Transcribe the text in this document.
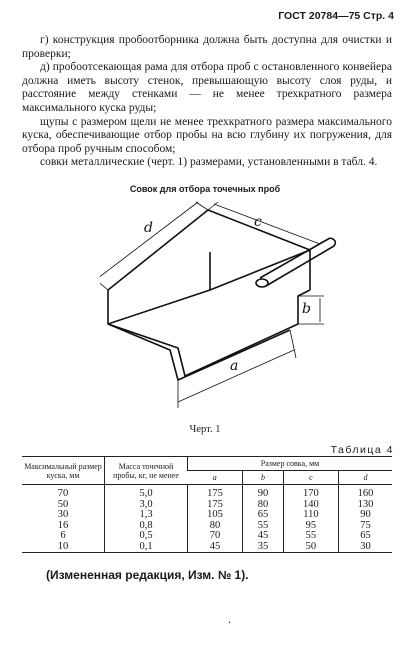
ГОСТ 20784—75 Стр. 4

г) конструкция пробоотборника должна быть доступна для очистки и проверки;

д) пробоотсекающая рама для отбора проб с остановленного конвейера должна иметь высоту стенок, превышающую высоту слоя руды, и расстояние между стенками — не менее трехкратного размера максимального куска руды;

щупы с размером щели не менее трехкратного размера максимального куска, обеспечивающие отбор пробы на всю глубину их погружения, для отбора проб ручным способом;

совки металлические (черт. 1) размерами, установленными в табл. 4.

Совок для отбора точечных проб
d	c
b
a
Черт. 1
Таблица 4
Максимальный размер куска, мм	Масса точечной пробы, кг, не менее	Размер совка, мм			
		a	b	c	d
70	5,0	175	90	170	160
50	3,0	175	80	140	130
30	1,3	105	65	110	90
16	0,8	80	55	95	75
6	0,5	70	45	55	65
10	0,1	45	35	50	30
(Измененная редакция, Изм. № 1).
·
